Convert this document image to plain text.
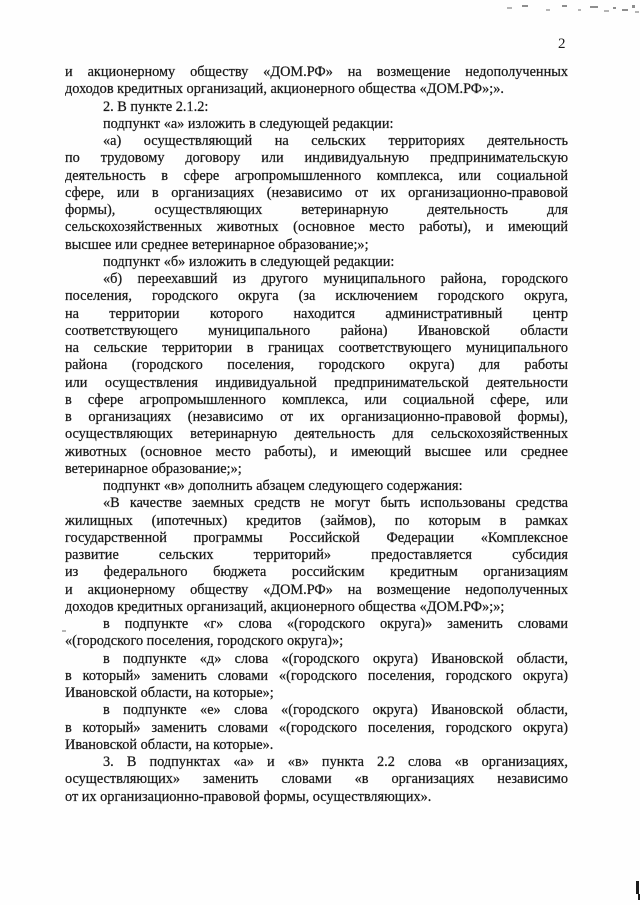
2
и акционерному обществу «ДОМ.РФ» на возмещение недополученных
доходов кредитных организаций, акционерного общества «ДОМ.РФ»;».
2. В пункте 2.1.2:
подпункт «а» изложить в следующей редакции:
«а) осуществляющий на сельских территориях деятельность
по трудовому договору или индивидуальную предпринимательскую
деятельность в сфере агропромышленного комплекса, или социальной
сфере, или в организациях (независимо от их организационно-правовой
формы), осуществляющих ветеринарную деятельность для
сельскохозяйственных животных (основное место работы), и имеющий
высшее или среднее ветеринарное образование;»;
подпункт «б» изложить в следующей редакции:
«б) переехавший из другого муниципального района, городского
поселения, городского округа (за исключением городского округа,
на территории которого находится административный центр
соответствующего муниципального района) Ивановской области
на сельские территории в границах соответствующего муниципального
района (городского поселения, городского округа) для работы
или осуществления индивидуальной предпринимательской деятельности
в сфере агропромышленного комплекса, или социальной сфере, или
в организациях (независимо от их организационно-правовой формы),
осуществляющих ветеринарную деятельность для сельскохозяйственных
животных (основное место работы), и имеющий высшее или среднее
ветеринарное образование;»;
подпункт «в» дополнить абзацем следующего содержания:
«В качестве заемных средств не могут быть использованы средства
жилищных (ипотечных) кредитов (займов), по которым в рамках
государственной программы Российской Федерации «Комплексное
развитие сельских территорий» предоставляется субсидия
из федерального бюджета российским кредитным организациям
и акционерному обществу «ДОМ.РФ» на возмещение недополученных
доходов кредитных организаций, акционерного общества «ДОМ.РФ»;»;
в подпункте «г» слова «(городского округа)» заменить словами
«(городского поселения, городского округа)»;
в подпункте «д» слова «(городского округа) Ивановской области,
в который» заменить словами «(городского поселения, городского округа)
Ивановской области, на которые»;
в подпункте «е» слова «(городского округа) Ивановской области,
в который» заменить словами «(городского поселения, городского округа)
Ивановской области, на которые».
3. В подпунктах «а» и «в» пункта 2.2 слова «в организациях,
осуществляющих» заменить словами «в организациях независимо
от их организационно-правовой формы, осуществляющих».
